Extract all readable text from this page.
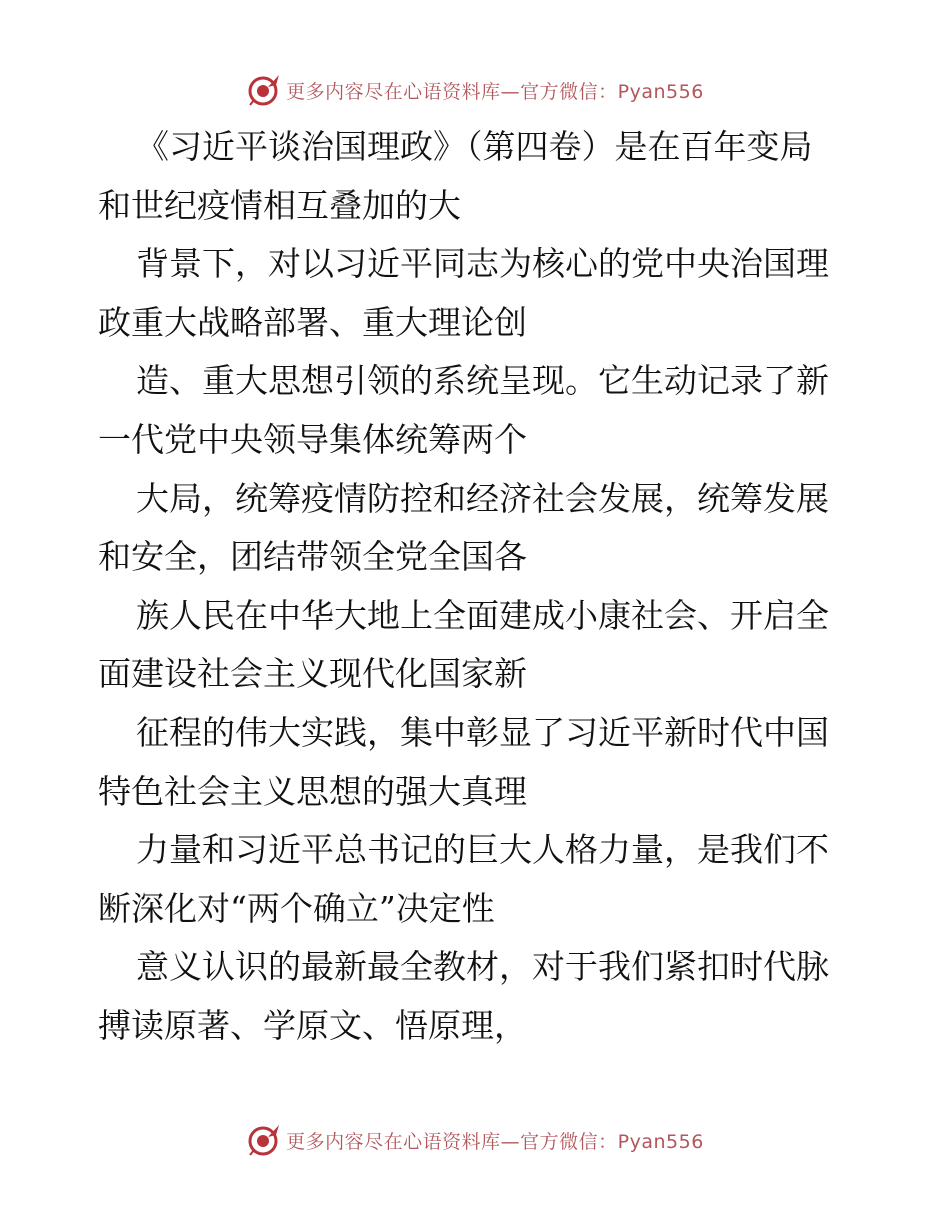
更多内容尽在心语资料库—官方微信：Pyan556

《习近平谈治国理政》（第四卷）是在百年变局
和世纪疫情相互叠加的大

背景下，对以习近平同志为核心的党中央治国理
政重大战略部署、重大理论创

造、重大思想引领的系统呈现。它生动记录了新
一代党中央领导集体统筹两个

大局，统筹疫情防控和经济社会发展，统筹发展
和安全，团结带领全党全国各

族人民在中华大地上全面建成小康社会、开启全
面建设社会主义现代化国家新

征程的伟大实践，集中彰显了习近平新时代中国
特色社会主义思想的强大真理

力量和习近平总书记的巨大人格力量，是我们不
断深化对“两个确立”决定性

意义认识的最新最全教材，对于我们紧扣时代脉
搏读原著、学原文、悟原理，

更多内容尽在心语资料库—官方微信：Pyan556
